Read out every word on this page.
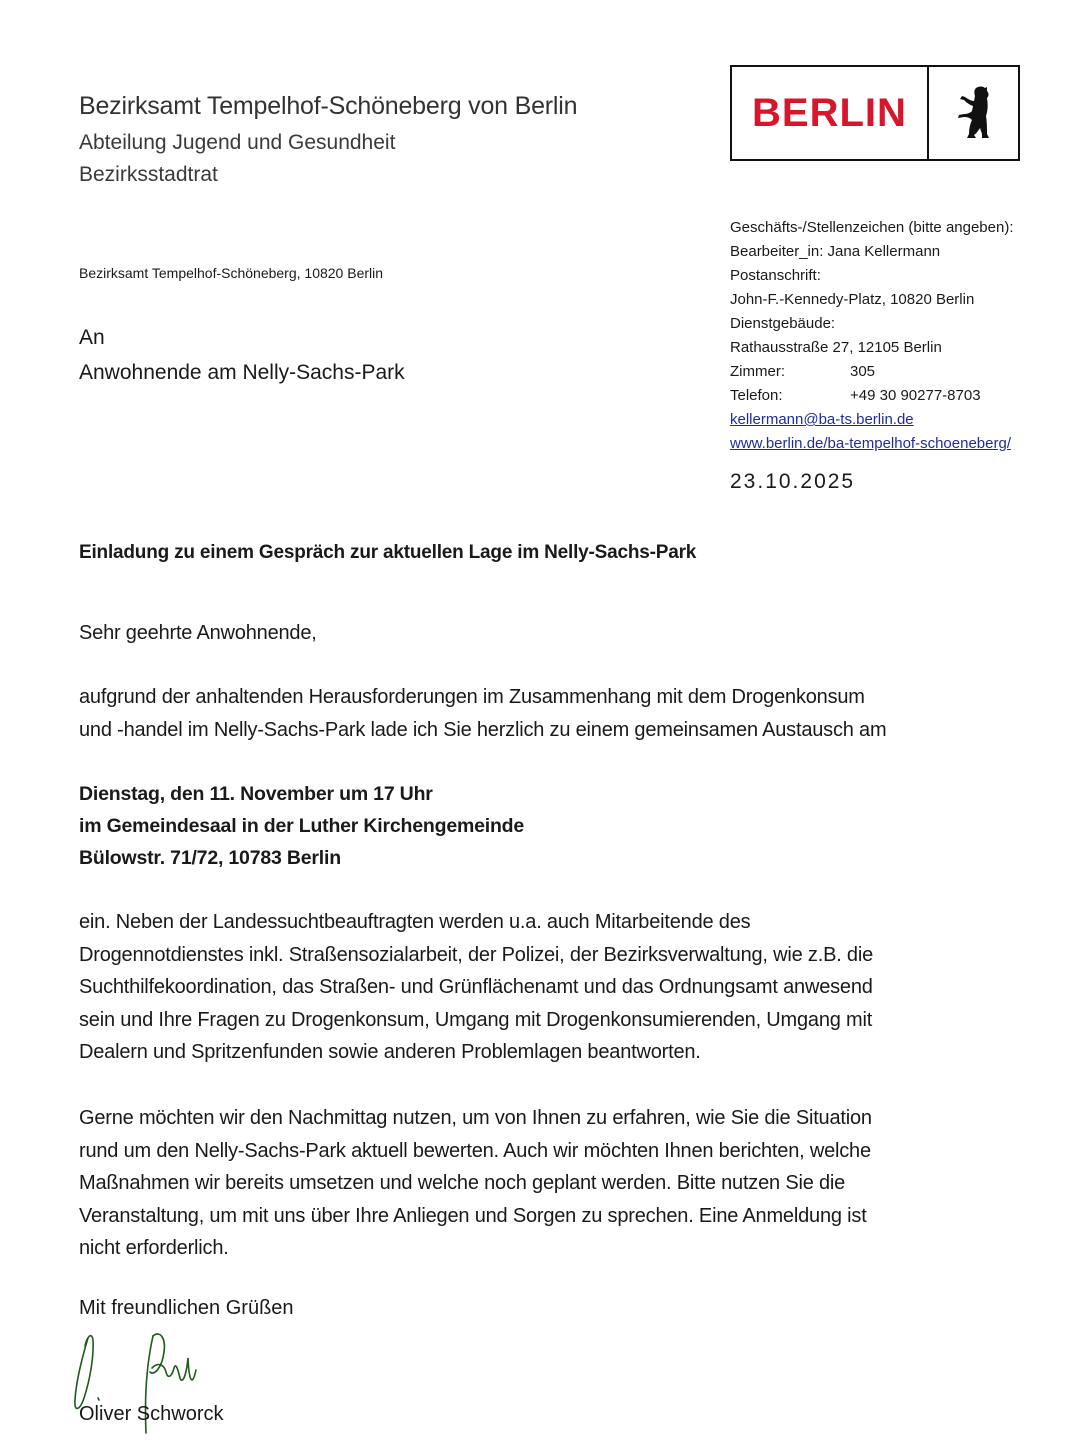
Bezirksamt Tempelhof-Schöneberg von Berlin
Abteilung Jugend und Gesundheit
Bezirksstadtrat
BERLIN
Bezirksamt Tempelhof-Schöneberg, 10820 Berlin
An
Anwohnende am Nelly-Sachs-Park
Geschäfts-/Stellenzeichen (bitte angeben):
Bearbeiter_in: Jana Kellermann
Postanschrift:
John-F.-Kennedy-Platz, 10820 Berlin
Dienstgebäude:
Rathausstraße 27, 12105 Berlin
Zimmer:	305
Telefon:	+49 30 90277-8703
kellermann@ba-ts.berlin.de
www.berlin.de/ba-tempelhof-schoeneberg/
23.10.2025
Einladung zu einem Gespräch zur aktuellen Lage im Nelly-Sachs-Park
Sehr geehrte Anwohnende,
aufgrund der anhaltenden Herausforderungen im Zusammenhang mit dem Drogenkonsum
und -handel im Nelly-Sachs-Park lade ich Sie herzlich zu einem gemeinsamen Austausch am
Dienstag, den 11. November um 17 Uhr
im Gemeindesaal in der Luther Kirchengemeinde
Bülowstr. 71/72, 10783 Berlin
ein. Neben der Landessuchtbeauftragten werden u.a. auch Mitarbeitende des
Drogennotdienstes inkl. Straßensozialarbeit, der Polizei, der Bezirksverwaltung, wie z.B. die
Suchthilfekoordination, das Straßen- und Grünflächenamt und das Ordnungsamt anwesend
sein und Ihre Fragen zu Drogenkonsum, Umgang mit Drogenkonsumierenden, Umgang mit
Dealern und Spritzenfunden sowie anderen Problemlagen beantworten.
Gerne möchten wir den Nachmittag nutzen, um von Ihnen zu erfahren, wie Sie die Situation
rund um den Nelly-Sachs-Park aktuell bewerten. Auch wir möchten Ihnen berichten, welche
Maßnahmen wir bereits umsetzen und welche noch geplant werden. Bitte nutzen Sie die
Veranstaltung, um mit uns über Ihre Anliegen und Sorgen zu sprechen. Eine Anmeldung ist
nicht erforderlich.
Mit freundlichen Grüßen
Oliver Schworck
